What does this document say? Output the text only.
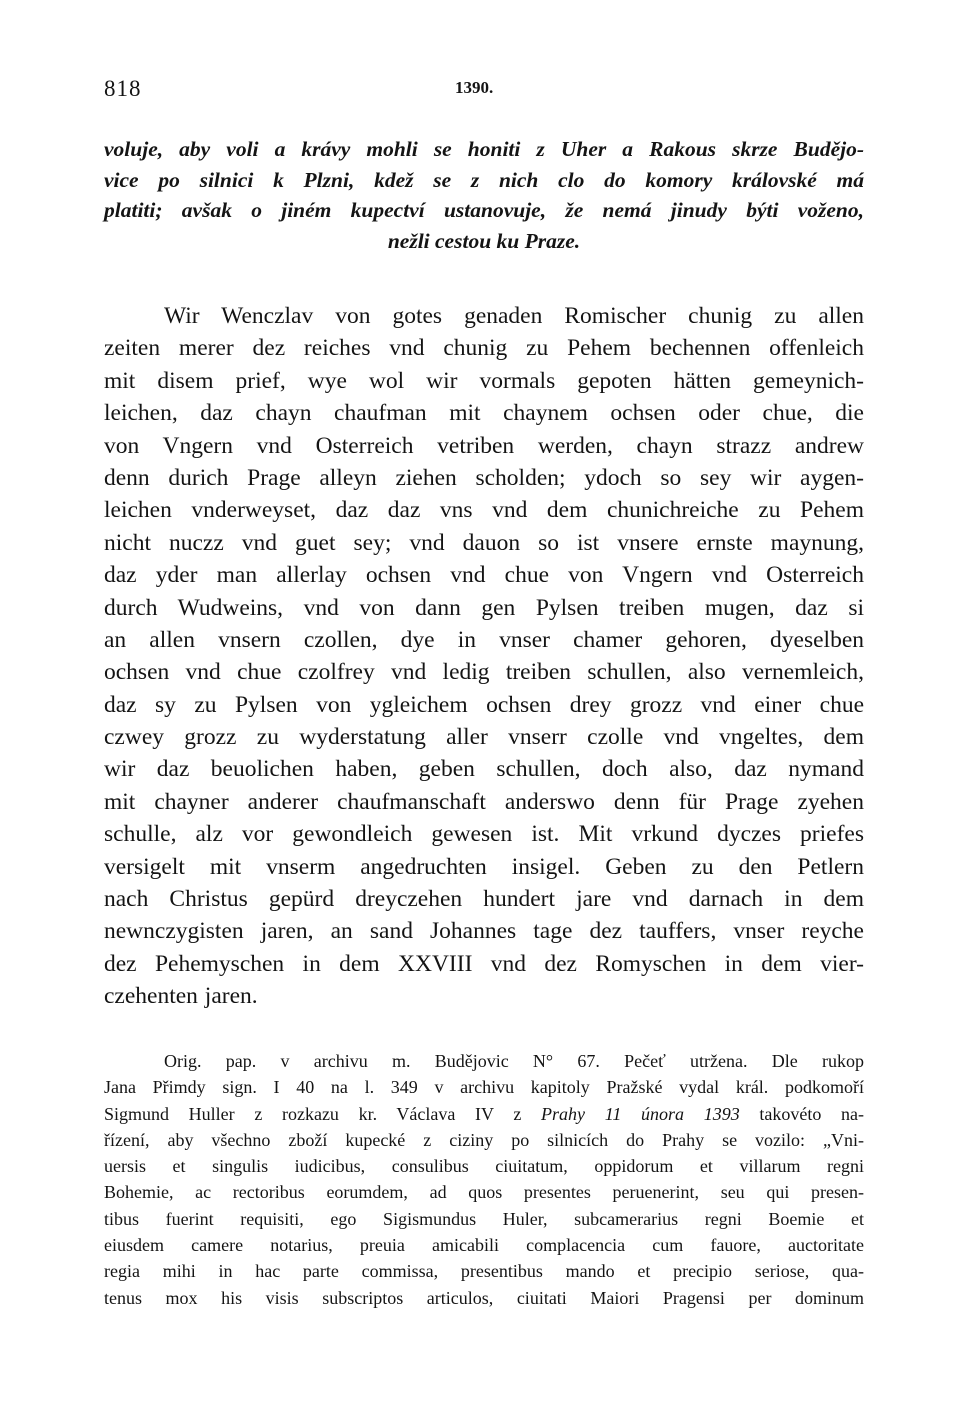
818	1390.
voluje, aby voli a krávy mohli se honiti z Uher a Rakous skrze Budějo-
vice po silnici k Plzni, kdež se z nich clo do komory královské má
platiti; avšak o jiném kupectví ustanovuje, že nemá jinudy býti voženo,
nežli cestou ku Praze.
Wir Wenczlav von gotes genaden Romischer chunig zu allen
zeiten merer dez reiches vnd chunig zu Pehem bechennen offenleich
mit disem prief, wye wol wir vormals gepoten hätten gemeynich-
leichen, daz chayn chaufman mit chaynem ochsen oder chue, die
von Vngern vnd Osterreich vetriben werden, chayn strazz andrew
denn durich Prage alleyn ziehen scholden; ydoch so sey wir aygen-
leichen vnderweyset, daz daz vns vnd dem chunichreiche zu Pehem
nicht nuczz vnd guet sey; vnd dauon so ist vnsere ernste maynung,
daz yder man allerlay ochsen vnd chue von Vngern vnd Osterreich
durch Wudweins, vnd von dann gen Pylsen treiben mugen, daz si
an allen vnsern czollen, dye in vnser chamer gehoren, dyeselben
ochsen vnd chue czolfrey vnd ledig treiben schullen, also vernemleich,
daz sy zu Pylsen von ygleichem ochsen drey grozz vnd einer chue
czwey grozz zu wyderstatung aller vnserr czolle vnd vngeltes, dem
wir daz beuolichen haben, geben schullen, doch also, daz nymand
mit chayner anderer chaufmanschaft anderswo denn für Prage zyehen
schulle, alz vor gewondleich gewesen ist. Mit vrkund dyczes priefes
versigelt mit vnserm angedruchten insigel. Geben zu den Petlern
nach Christus gepürd dreyczehen hundert jare vnd darnach in dem
newnczygisten jaren, an sand Johannes tage dez tauffers, vnser reyche
dez Pehemyschen in dem XXVIII vnd dez Romyschen in dem vier-
czehenten jaren.
Orig. pap. v archivu m. Budějovic N° 67. Pečeť utržena. Dle rukop
Jana Přimdy sign. I 40 na l. 349 v archivu kapitoly Pražské vydal král. podkomoří
Sigmund Huller z rozkazu kr. Václava IV z Prahy 11 února 1393 takovéto na-
řízení, aby všechno zboží kupecké z ciziny po silnicích do Prahy se vozilo: „Vni-
uersis et singulis iudicibus, consulibus ciuitatum, oppidorum et villarum regni
Bohemie, ac rectoribus eorumdem, ad quos presentes peruenerint, seu qui presen-
tibus fuerint requisiti, ego Sigismundus Huler, subcamerarius regni Boemie et
eiusdem camere notarius, preuia amicabili complacencia cum fauore, auctoritate
regia mihi in hac parte commissa, presentibus mando et precipio seriose, qua-
tenus mox his visis subscriptos articulos, ciuitati Maiori Pragensi per dominum
